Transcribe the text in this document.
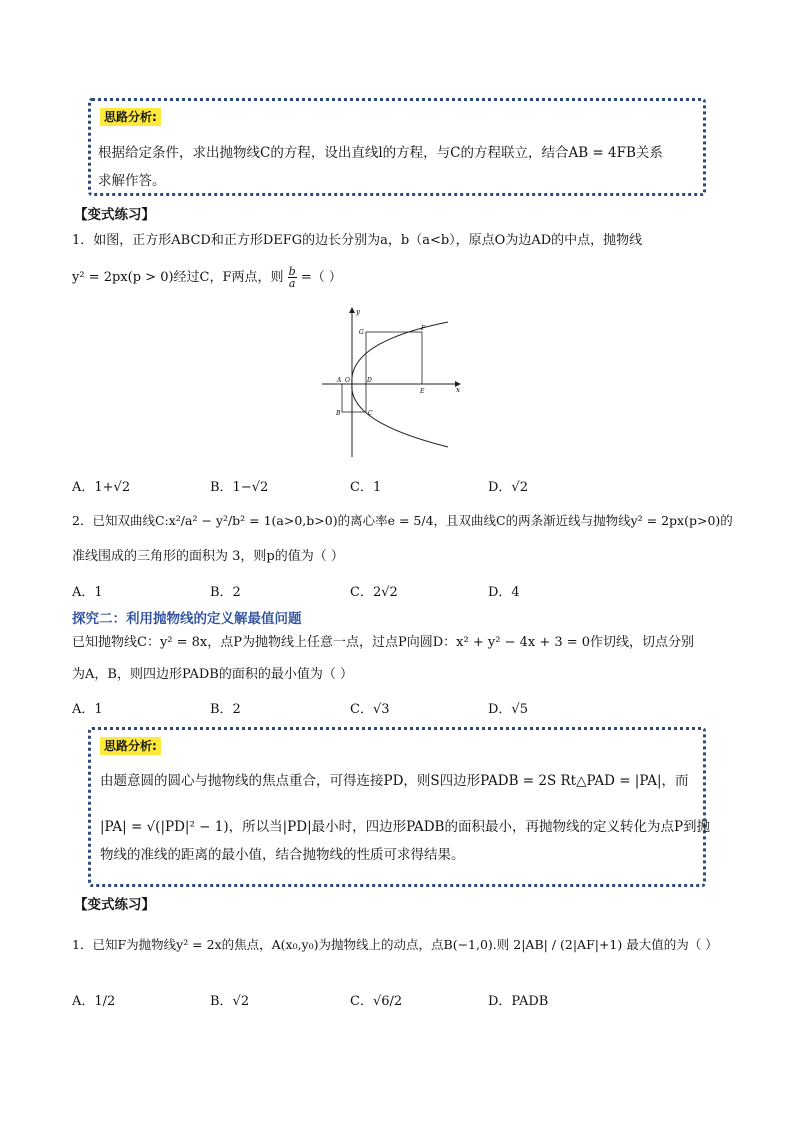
思路分析:
根据给定条件，求出抛物线C的方程，设出直线l的方程，与C的方程联立，结合AB = 4FB关系
求解作答。
【变式练习】
1．如图，正方形ABCD和正方形DEFG的边长分别为a，b（a<b），原点O为边AD的中点，抛物线
y² = 2px(p > 0)经过C，F两点，则 $\frac{b}{a}$ =（ ）
y
x
O
A
B	C
D
E
F
G
A．1+√2	B．1−√2	C．1	D．√2
2．已知双曲线C:x²/a² − y²/b² = 1(a>0,b>0)的离心率e = 5/4，且双曲线C的两条渐近线与抛物线y² = 2px(p>0)的
准线围成的三角形的面积为 3，则p的值为（ ）
A．1	B．2	C．2√2	D．4
探究二：利用抛物线的定义解最值问题
已知抛物线C：y² = 8x，点P为抛物线上任意一点，过点P向圆D：x² + y² − 4x + 3 = 0作切线，切点分别
为A，B，则四边形PADB的面积的最小值为（ ）
A．1	B．2	C．√3	D．√5
思路分析:
由题意圆的圆心与抛物线的焦点重合，可得连接PD，则S四边形PADB = 2S Rt△PAD = |PA|，而
|PA| = √(|PD|² − 1)，所以当|PD|最小时，四边形PADB的面积最小，再抛物线的定义转化为点P到抛
物线的准线的距离的最小值，结合抛物线的性质可求得结果。
【变式练习】
1．已知F为抛物线y² = 2x的焦点，A(x₀,y₀)为抛物线上的动点，点B(−1,0).则 2|AB| / (2|AF|+1) 最大值的为（ ）
A．1/2	B．√2	C．√6/2	D．PADB
